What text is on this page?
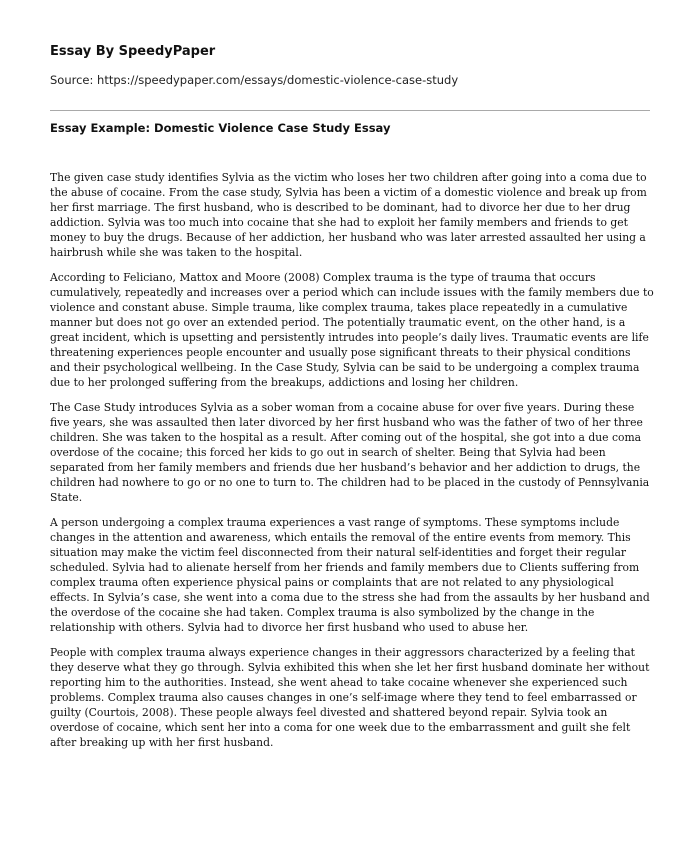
Essay By SpeedyPaper
Source: https://speedypaper.com/essays/domestic-violence-case-study
Essay Example: Domestic Violence Case Study Essay

The given case study identifies Sylvia as the victim who loses her two children after going into a coma due to the abuse of cocaine. From the case study, Sylvia has been a victim of a domestic violence and break up from her first marriage. The first husband, who is described to be dominant, had to divorce her due to her drug addiction. Sylvia was too much into cocaine that she had to exploit her family members and friends to get money to buy the drugs. Because of her addiction, her husband who was later arrested assaulted her using a hairbrush while she was taken to the hospital.

According to Feliciano, Mattox and Moore (2008) Complex trauma is the type of trauma that occurs cumulatively, repeatedly and increases over a period which can include issues with the family members due to violence and constant abuse. Simple trauma, like complex trauma, takes place repeatedly in a cumulative manner but does not go over an extended period. The potentially traumatic event, on the other hand, is a great incident, which is upsetting and persistently intrudes into people’s daily lives. Traumatic events are life threatening experiences people encounter and usually pose significant threats to their physical conditions and their psychological wellbeing. In the Case Study, Sylvia can be said to be undergoing a complex trauma due to her prolonged suffering from the breakups, addictions and losing her children.

The Case Study introduces Sylvia as a sober woman from a cocaine abuse for over five years. During these five years, she was assaulted then later divorced by her first husband who was the father of two of her three children. She was taken to the hospital as a result. After coming out of the hospital, she got into a due coma overdose of the cocaine; this forced her kids to go out in search of shelter. Being that Sylvia had been separated from her family members and friends due her husband’s behavior and her addiction to drugs, the children had nowhere to go or no one to turn to. The children had to be placed in the custody of Pennsylvania State.

A person undergoing a complex trauma experiences a vast range of symptoms. These symptoms include changes in the attention and awareness, which entails the removal of the entire events from memory. This situation may make the victim feel disconnected from their natural self-identities and forget their regular scheduled. Sylvia had to alienate herself from her friends and family members due to Clients suffering from complex trauma often experience physical pains or complaints that are not related to any physiological effects. In Sylvia’s case, she went into a coma due to the stress she had from the assaults by her husband and the overdose of the cocaine she had taken. Complex trauma is also symbolized by the change in the relationship with others. Sylvia had to divorce her first husband who used to abuse her.

People with complex trauma always experience changes in their aggressors characterized by a feeling that they deserve what they go through. Sylvia exhibited this when she let her first husband dominate her without reporting him to the authorities. Instead, she went ahead to take cocaine whenever she experienced such problems. Complex trauma also causes changes in one’s self-image where they tend to feel embarrassed or guilty (Courtois, 2008). These people always feel divested and shattered beyond repair. Sylvia took an overdose of cocaine, which sent her into a coma for one week due to the embarrassment and guilt she felt after breaking up with her first husband.
